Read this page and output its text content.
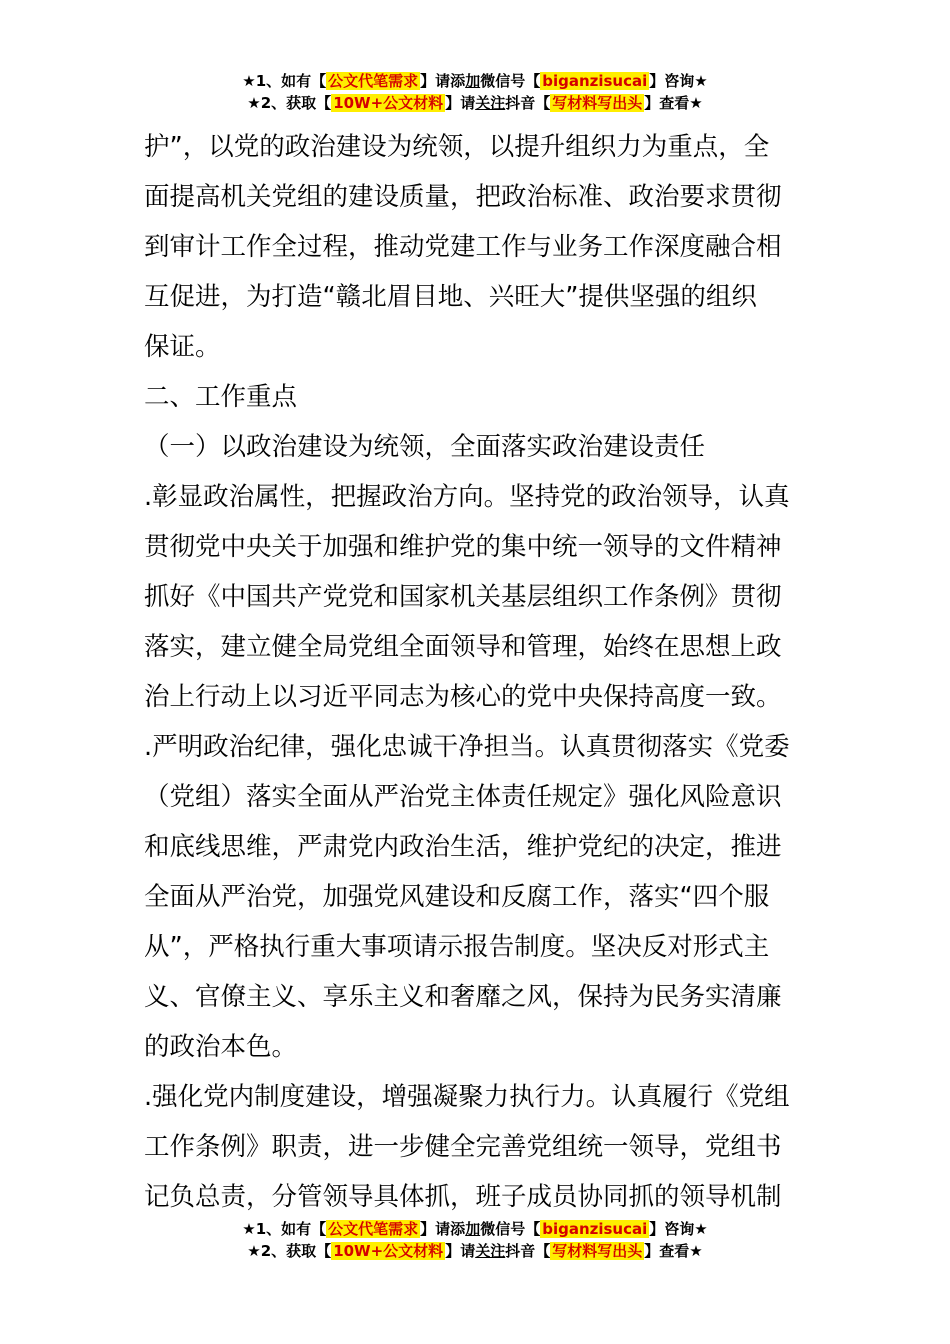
★1、如有【 公文代笔需求 】请添加微信号【 biganzisucai 】咨询★
★2、获取【 10W+公文材料 】请关注抖音【 写材料写出头 】查看★
护”，以党的政治建设为统领，以提升组织力为重点，全
面提高机关党组的建设质量，把政治标准、政治要求贯彻
到审计工作全过程，推动党建工作与业务工作深度融合相
互促进，为打造“赣北眉目地、兴旺大”提供坚强的组织
保证。
二、工作重点
（一）以政治建设为统领，全面落实政治建设责任
.彰显政治属性，把握政治方向。坚持党的政治领导，认真
贯彻党中央关于加强和维护党的集中统一领导的文件精神
抓好《中国共产党党和国家机关基层组织工作条例》贯彻
落实，建立健全局党组全面领导和管理，始终在思想上政
治上行动上以习近平同志为核心的党中央保持高度一致。
.严明政治纪律，强化忠诚干净担当。认真贯彻落实《党委
（党组）落实全面从严治党主体责任规定》强化风险意识
和底线思维，严肃党内政治生活，维护党纪的决定，推进
全面从严治党，加强党风建设和反腐工作，落实“四个服
从”，严格执行重大事项请示报告制度。坚决反对形式主
义、官僚主义、享乐主义和奢靡之风，保持为民务实清廉
的政治本色。
.强化党内制度建设，增强凝聚力执行力。认真履行《党组
工作条例》职责，进一步健全完善党组统一领导，党组书
记负总责，分管领导具体抓，班子成员协同抓的领导机制
★1、如有【 公文代笔需求 】请添加微信号【 biganzisucai 】咨询★
★2、获取【 10W+公文材料 】请关注抖音【 写材料写出头 】查看★
